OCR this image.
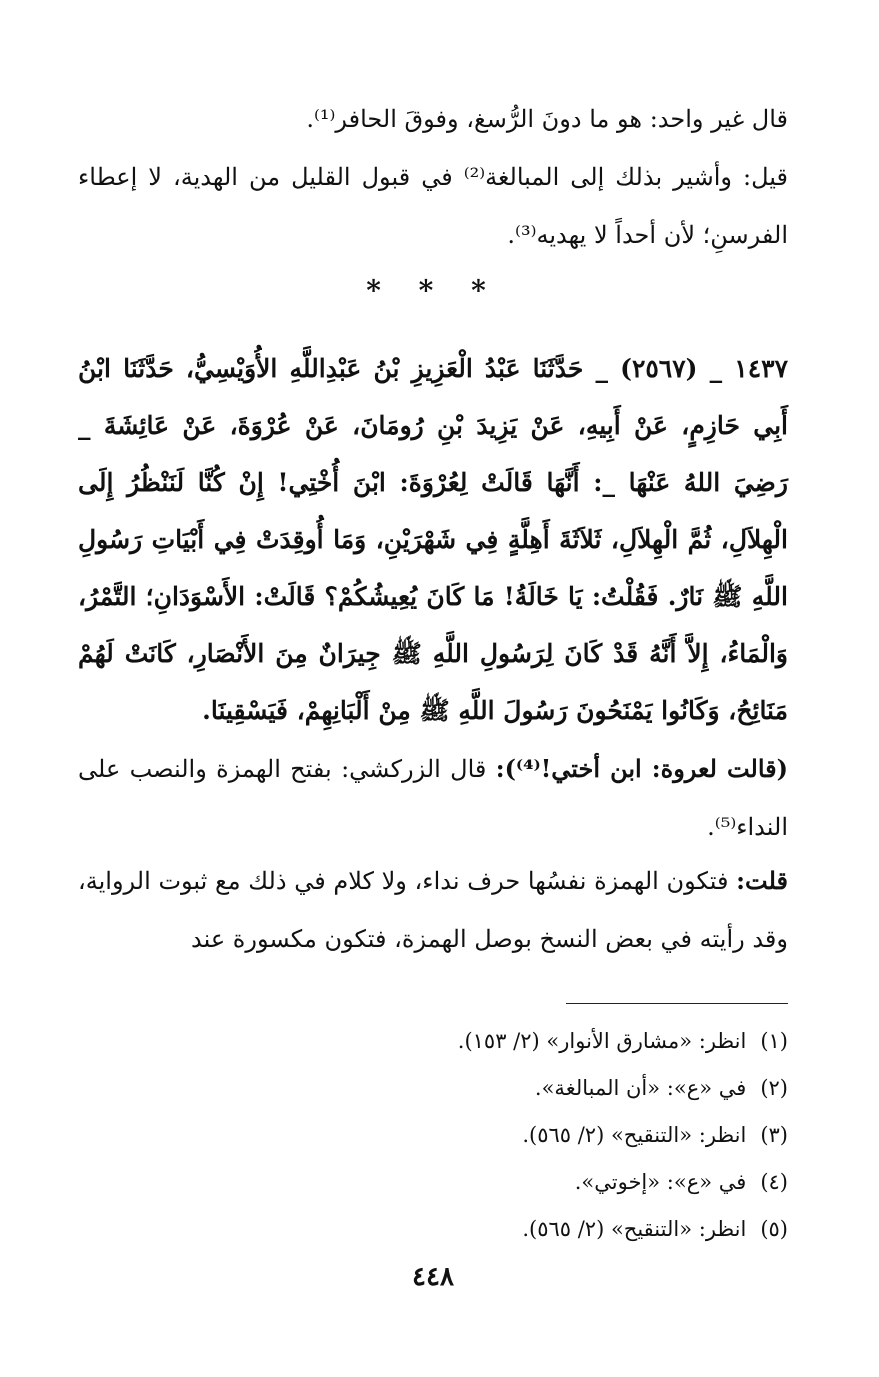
قال غير واحد: هو ما دونَ الرُّسغ، وفوقَ الحافر⁽¹⁾.

قيل: وأشير بذلك إلى المبالغة⁽²⁾ في قبول القليل من الهدية، لا إعطاء الفرسنِ؛ لأن أحداً لا يهديه⁽³⁾.

* * *

١٤٣٧ _ (٢٥٦٧) _ حَدَّثَنَا عَبْدُ الْعَزِيزِ بْنُ عَبْدِاللَّهِ الأُوَيْسِيُّ، حَدَّثَنَا ابْنُ أَبِي حَازِمٍ، عَنْ أَبِيهِ، عَنْ يَزِيدَ بْنِ رُومَانَ، عَنْ عُرْوَةَ، عَنْ عَائِشَةَ _ رَضِيَ اللهُ عَنْهَا _: أَنَّهَا قَالَتْ لِعُرْوَةَ: ابْنَ أُخْتِي! إِنْ كُنَّا لَنَنْظُرُ إِلَى الْهِلاَلِ، ثُمَّ الْهِلاَلِ، ثَلاَثَةَ أَهِلَّةٍ فِي شَهْرَيْنِ، وَمَا أُوقِدَتْ فِي أَبْيَاتِ رَسُولِ اللَّهِ ﷺ نَارٌ. فَقُلْتُ: يَا خَالَةُ! مَا كَانَ يُعِيشُكُمْ؟ قَالَتْ: الأَسْوَدَانِ؛ التَّمْرُ، وَالْمَاءُ، إِلاَّ أَنَّهُ قَدْ كَانَ لِرَسُولِ اللَّهِ ﷺ جِيرَانٌ مِنَ الأَنْصَارِ، كَانَتْ لَهُمْ مَنَائِحُ، وَكَانُوا يَمْنَحُونَ رَسُولَ اللَّهِ ﷺ مِنْ أَلْبَانِهِمْ، فَيَسْقِينَا.

(قالت لعروة: ابن أختي!⁽⁴⁾): قال الزركشي: بفتح الهمزة والنصب على النداء⁽⁵⁾.

قلت: فتكون الهمزة نفسُها حرف نداء، ولا كلام في ذلك مع ثبوت الرواية، وقد رأيته في بعض النسخ بوصل الهمزة، فتكون مكسورة عند

(١)انظر: «مشارق الأنوار» (٢/ ١٥٣).
(٢)في «ع»: «أن المبالغة».
(٣)انظر: «التنقيح» (٢/ ٥٦٥).
(٤)في «ع»: «إخوتي».
(٥)انظر: «التنقيح» (٢/ ٥٦٥).
٤٤٨
